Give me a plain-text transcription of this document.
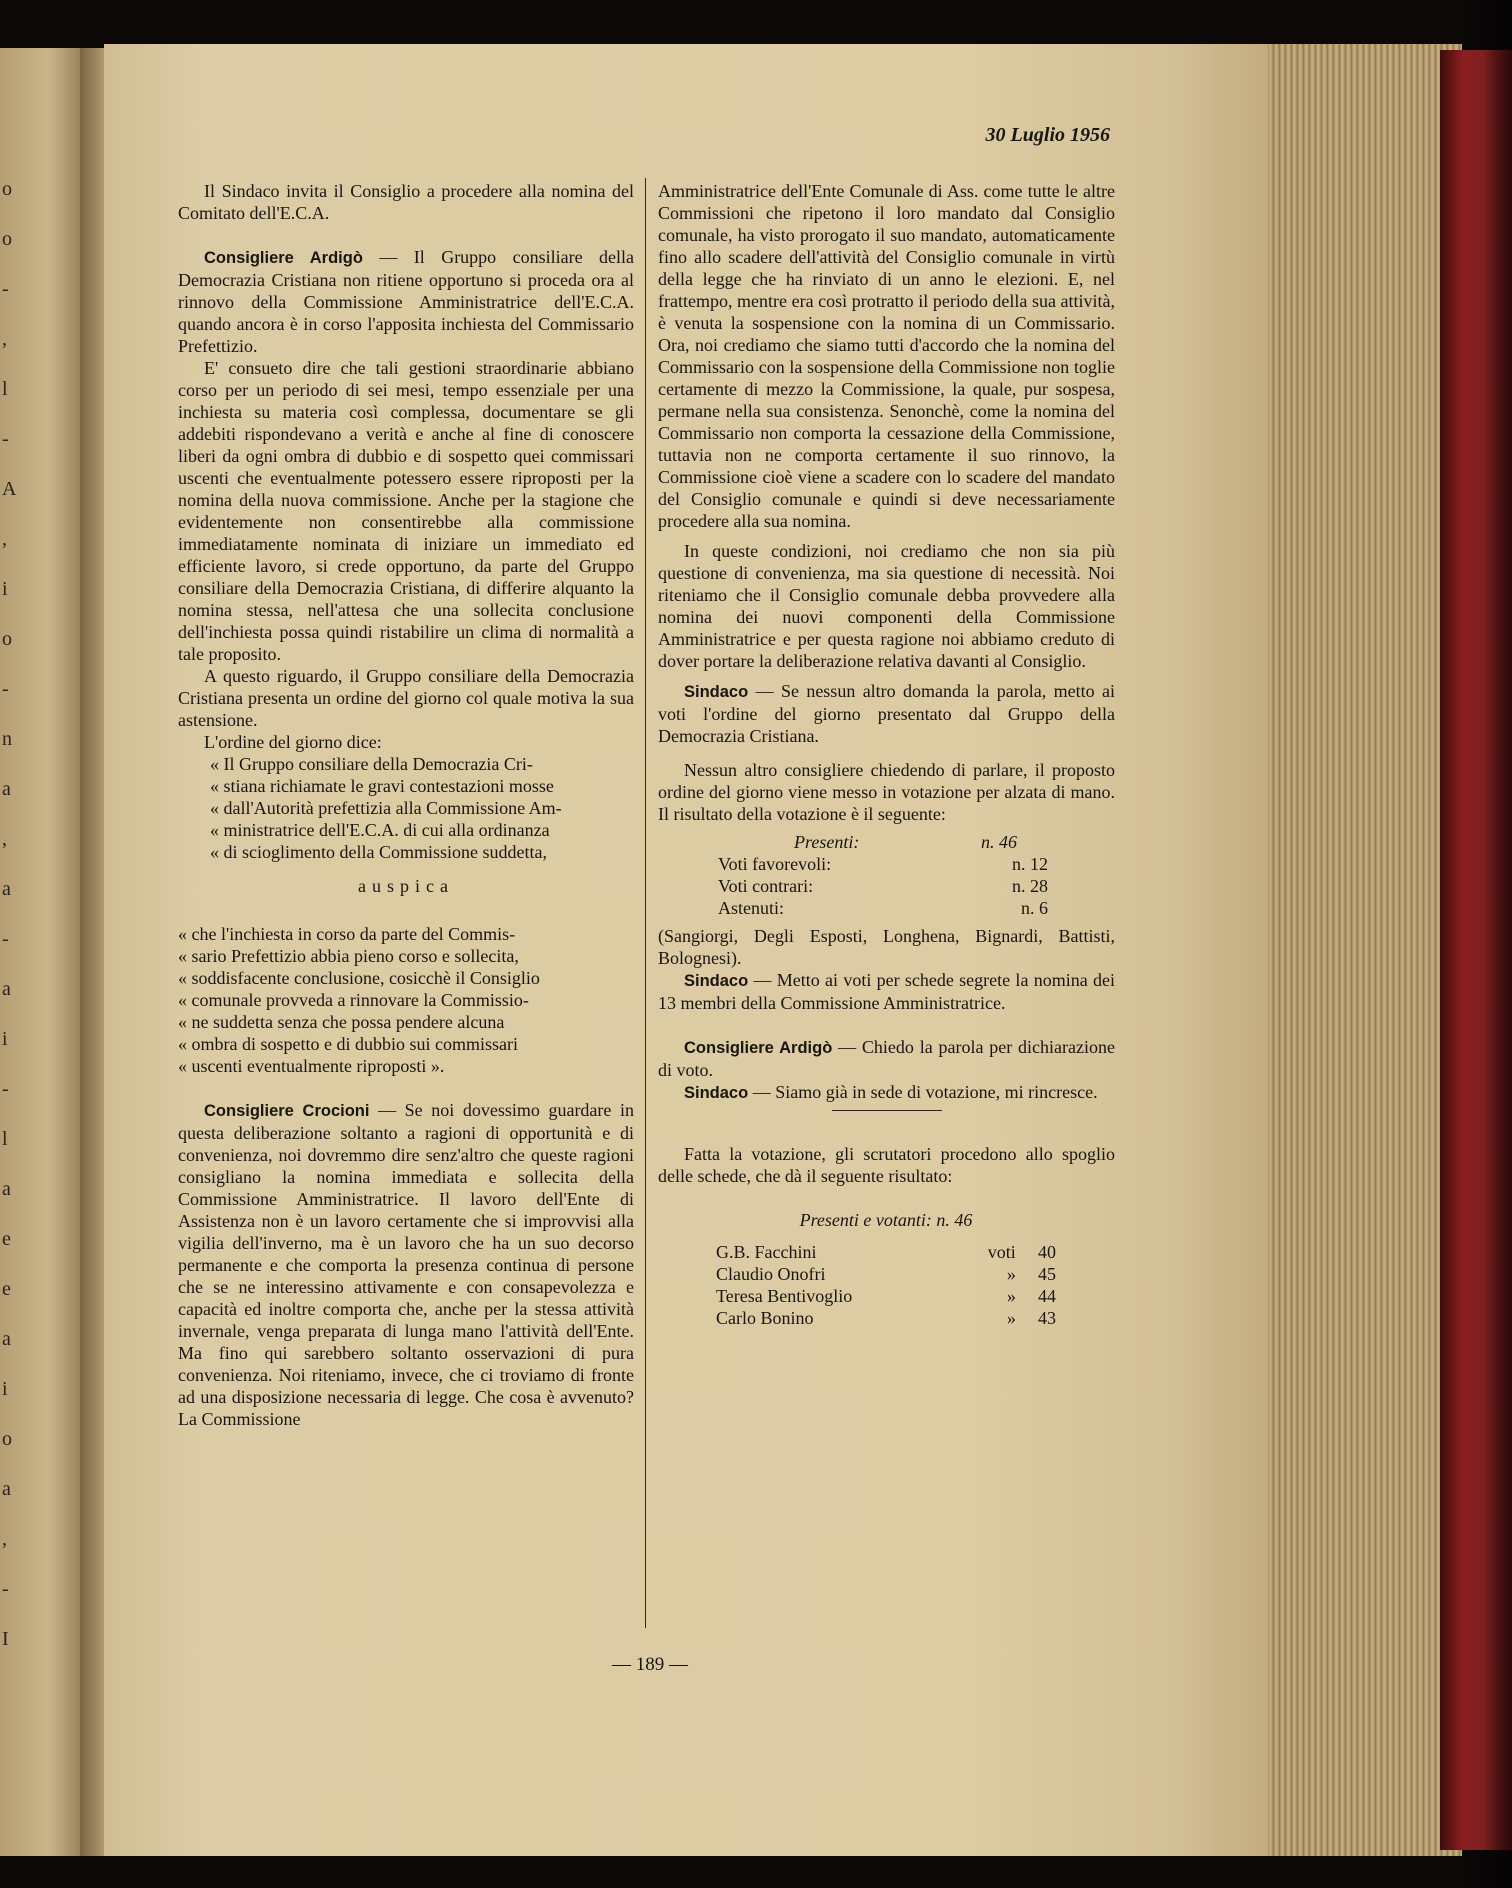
o
o
-
,
l
-
A
,
i
o
-
n
a
,
a
-
a
i
-
l
a
e
e
a
i
o
a
,
-
I
30 Luglio 1956

Il Sindaco invita il Consiglio a procedere alla nomina del Comitato dell'E.C.A.

Consigliere Ardigò — Il Gruppo consiliare della Democrazia Cristiana non ritiene opportuno si proceda ora al rinnovo della Commissione Amministratrice dell'E.C.A. quando ancora è in corso l'apposita inchiesta del Commissario Prefettizio.

E' consueto dire che tali gestioni straordinarie abbiano corso per un periodo di sei mesi, tempo essenziale per una inchiesta su materia così complessa, documentare se gli addebiti rispondevano a verità e anche al fine di conoscere liberi da ogni ombra di dubbio e di sospetto quei commissari uscenti che eventualmente potessero essere riproposti per la nomina della nuova commissione. Anche per la stagione che evidentemente non consentirebbe alla commissione immediatamente nominata di iniziare un immediato ed efficiente lavoro, si crede opportuno, da parte del Gruppo consiliare della Democrazia Cristiana, di differire alquanto la nomina stessa, nell'attesa che una sollecita conclusione dell'inchiesta possa quindi ristabilire un clima di normalità a tale proposito.

A questo riguardo, il Gruppo consiliare della Democrazia Cristiana presenta un ordine del giorno col quale motiva la sua astensione.

L'ordine del giorno dice:

« Il Gruppo consiliare della Democrazia Cri-

« stiana richiamate le gravi contestazioni mosse

« dall'Autorità prefettizia alla Commissione Am-

« ministratrice dell'E.C.A. di cui alla ordinanza

« di scioglimento della Commissione suddetta,

auspica

« che l'inchiesta in corso da parte del Commis-

« sario Prefettizio abbia pieno corso e sollecita,

« soddisfacente conclusione, cosicchè il Consiglio

« comunale provveda a rinnovare la Commissio-

« ne suddetta senza che possa pendere alcuna

« ombra di sospetto e di dubbio sui commissari

« uscenti eventualmente riproposti ».

Consigliere Crocioni — Se noi dovessimo guardare in questa deliberazione soltanto a ragioni di opportunità e di convenienza, noi dovremmo dire senz'altro che queste ragioni consigliano la nomina immediata e sollecita della Commissione Amministratrice. Il lavoro dell'Ente di Assistenza non è un lavoro certamente che si improvvisi alla vigilia dell'inverno, ma è un lavoro che ha un suo decorso permanente e che comporta la presenza continua di persone che se ne interessino attivamente e con consapevolezza e capacità ed inoltre comporta che, anche per la stessa attività invernale, venga preparata di lunga mano l'attività dell'Ente. Ma fino qui sarebbero soltanto osservazioni di pura convenienza. Noi riteniamo, invece, che ci troviamo di fronte ad una disposizione necessaria di legge. Che cosa è avvenuto? La Commissione

Amministratrice dell'Ente Comunale di Ass. come tutte le altre Commissioni che ripetono il loro mandato dal Consiglio comunale, ha visto prorogato il suo mandato, automaticamente fino allo scadere dell'attività del Consiglio comunale in virtù della legge che ha rinviato di un anno le elezioni. E, nel frattempo, mentre era così protratto il periodo della sua attività, è venuta la sospensione con la nomina di un Commissario. Ora, noi crediamo che siamo tutti d'accordo che la nomina del Commissario con la sospensione della Commissione non toglie certamente di mezzo la Commissione, la quale, pur sospesa, permane nella sua consistenza. Senonchè, come la nomina del Commissario non comporta la cessazione della Commissione, tuttavia non ne comporta certamente il suo rinnovo, la Commissione cioè viene a scadere con lo scadere del mandato del Consiglio comunale e quindi si deve necessariamente procedere alla sua nomina.

In queste condizioni, noi crediamo che non sia più questione di convenienza, ma sia questione di necessità. Noi riteniamo che il Consiglio comunale debba provvedere alla nomina dei nuovi componenti della Commissione Amministratrice e per questa ragione noi abbiamo creduto di dover portare la deliberazione relativa davanti al Consiglio.

Sindaco — Se nessun altro domanda la parola, metto ai voti l'ordine del giorno presentato dal Gruppo della Democrazia Cristiana.

Nessun altro consigliere chiedendo di parlare, il proposto ordine del giorno viene messo in votazione per alzata di mano. Il risultato della votazione è il seguente:

Presenti:	n. 46
Voti favorevoli:	n. 12
Voti contrari:	n. 28
Astenuti:	n. 6

(Sangiorgi, Degli Esposti, Longhena, Bignardi, Battisti, Bolognesi).

Sindaco — Metto ai voti per schede segrete la nomina dei 13 membri della Commissione Amministratrice.

Consigliere Ardigò — Chiedo la parola per dichiarazione di voto.

Sindaco — Siamo già in sede di votazione, mi rincresce.

Fatta la votazione, gli scrutatori procedono allo spoglio delle schede, che dà il seguente risultato:

Presenti e votanti: n. 46		

G.B. Facchini	voti	40
Claudio Onofri	»	45
Teresa Bentivoglio	»	44
Carlo Bonino	»	43
— 189 —
